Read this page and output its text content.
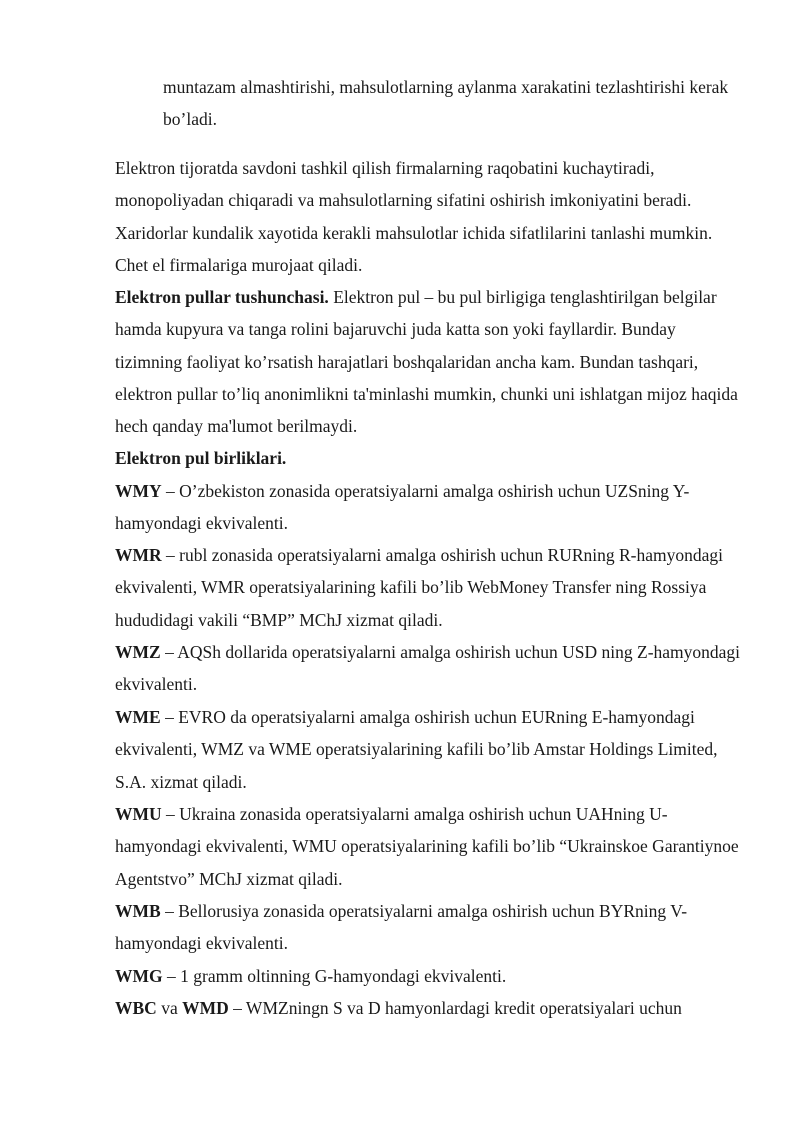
muntazam almashtirishi, mahsulotlarning aylanma xarakatini tezlashtirishi kerak bo’ladi.

Elektron tijoratda savdoni tashkil qilish firmalarning raqobatini kuchaytiradi, monopoliyadan chiqaradi va mahsulotlarning sifatini oshirish imkoniyatini beradi. Xaridorlar kundalik xayotida kerakli mahsulotlar ichida sifatlilarini tanlashi mumkin. Chet el firmalariga murojaat qiladi.

Elektron pullar tushunchasi. Elektron pul – bu pul birligiga tenglashtirilgan belgilar hamda kupyura va tanga rolini bajaruvchi juda katta son yoki fayllardir. Bunday tizimning faoliyat ko’rsatish harajatlari boshqalaridan ancha kam. Bundan tashqari, elektron pullar to’liq anonimlikni ta'minlashi mumkin, chunki uni ishlatgan mijoz haqida hech qanday ma'lumot berilmaydi.

Elektron pul birliklari.

WMY – O’zbekiston zonasida operatsiyalarni amalga oshirish uchun UZSning Y-hamyondagi ekvivalenti.

WMR – rubl zonasida operatsiyalarni amalga oshirish uchun RURning R-hamyondagi ekvivalenti, WMR operatsiyalarining kafili bo’lib WebMoney Transfer ning Rossiya hududidagi vakili “BMP” MChJ xizmat qiladi.

WMZ – AQSh dollarida operatsiyalarni amalga oshirish uchun USD ning Z-hamyondagi ekvivalenti.

WME – EVRO da operatsiyalarni amalga oshirish uchun EURning E-hamyondagi ekvivalenti, WMZ va WME operatsiyalarining kafili bo’lib Amstar Holdings Limited, S.A. xizmat qiladi.

WMU – Ukraina zonasida operatsiyalarni amalga oshirish uchun UAHning U-hamyondagi ekvivalenti, WMU operatsiyalarining kafili bo’lib “Ukrainskoe Garantiynoe Agentstvo” MChJ xizmat qiladi.

WMB – Bellorusiya zonasida operatsiyalarni amalga oshirish uchun BYRning V-hamyondagi ekvivalenti.

WMG – 1 gramm oltinning G-hamyondagi ekvivalenti.

WBC va WMD – WMZningn S va D hamyonlardagi kredit operatsiyalari uchun
